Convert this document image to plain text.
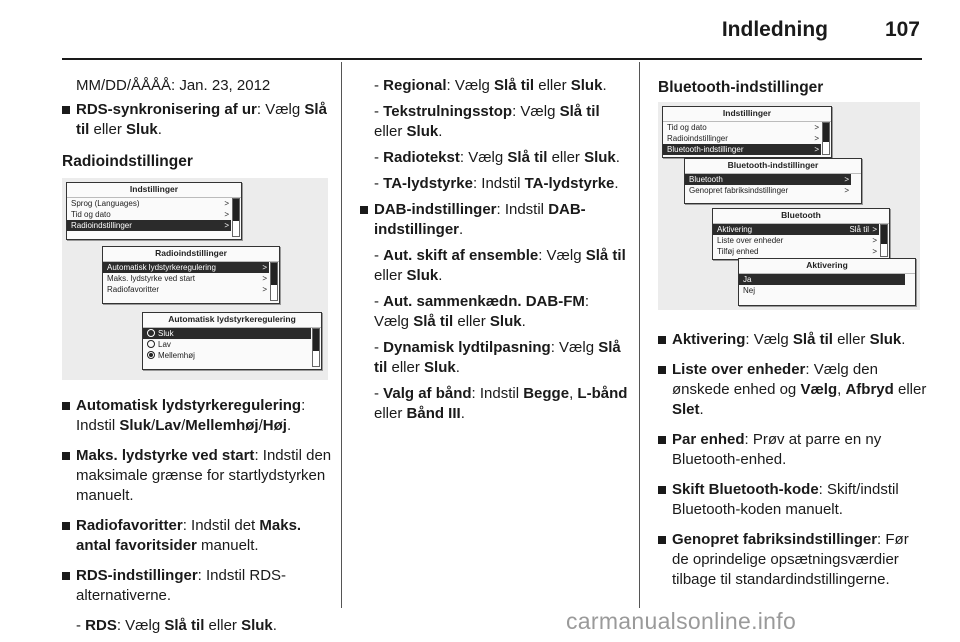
Indledning	107

MM/DD/ÅÅÅÅ: Jan. 23, 2012

RDS-synkronisering af ur: Vælg Slå til eller Sluk.

Radioindstillinger

Indstillinger
Sprog (Languages)	>
Tid og dato	>
Radioindstillinger	>
Radioindstillinger
Automatisk lydstyrkeregulering	>
Maks. lydstyrke ved start	>
Radiofavoritter	>
Automatisk lydstyrkeregulering
Sluk
Lav
Mellemhøj

Automatisk lydstyrkeregulering: Indstil Sluk/Lav/Mellemhøj/Høj.

Maks. lydstyrke ved start: Indstil den maksimale grænse for startlydstyrken manuelt.

Radiofavoritter: Indstil det Maks. antal favoritsider manuelt.

RDS-indstillinger: Indstil RDS-alternativerne.

- RDS: Vælg Slå til eller Sluk.

- Regional: Vælg Slå til eller Sluk.

- Tekstrulningsstop: Vælg Slå til eller Sluk.

- Radiotekst: Vælg Slå til eller Sluk.

- TA-lydstyrke: Indstil TA-lydstyrke.

DAB-indstillinger: Indstil DAB-indstillinger.

- Aut. skift af ensemble: Vælg Slå til eller Sluk.

- Aut. sammenkædn. DAB-FM: Vælg Slå til eller Sluk.

- Dynamisk lydtilpasning: Vælg Slå til eller Sluk.

- Valg af bånd: Indstil Begge, L-bånd eller Bånd III.

Bluetooth-indstillinger

Indstillinger
Tid og dato	>
Radioindstillinger	>
Bluetooth-indstillinger	>
Bluetooth-indstillinger
Bluetooth	>
Genopret fabriksindstillinger	>
Bluetooth
Aktivering	Slå til >
Liste over enheder	>
Tilføj enhed	>
Aktivering
Ja
Nej

Aktivering: Vælg Slå til eller Sluk.

Liste over enheder: Vælg den ønskede enhed og Vælg, Afbryd eller Slet.

Par enhed: Prøv at parre en ny Bluetooth-enhed.

Skift Bluetooth-kode: Skift/indstil Bluetooth-koden manuelt.

Genopret fabriksindstillinger: Før de oprindelige opsætningsværdier tilbage til standardindstillingerne.

carmanualsonline.info
